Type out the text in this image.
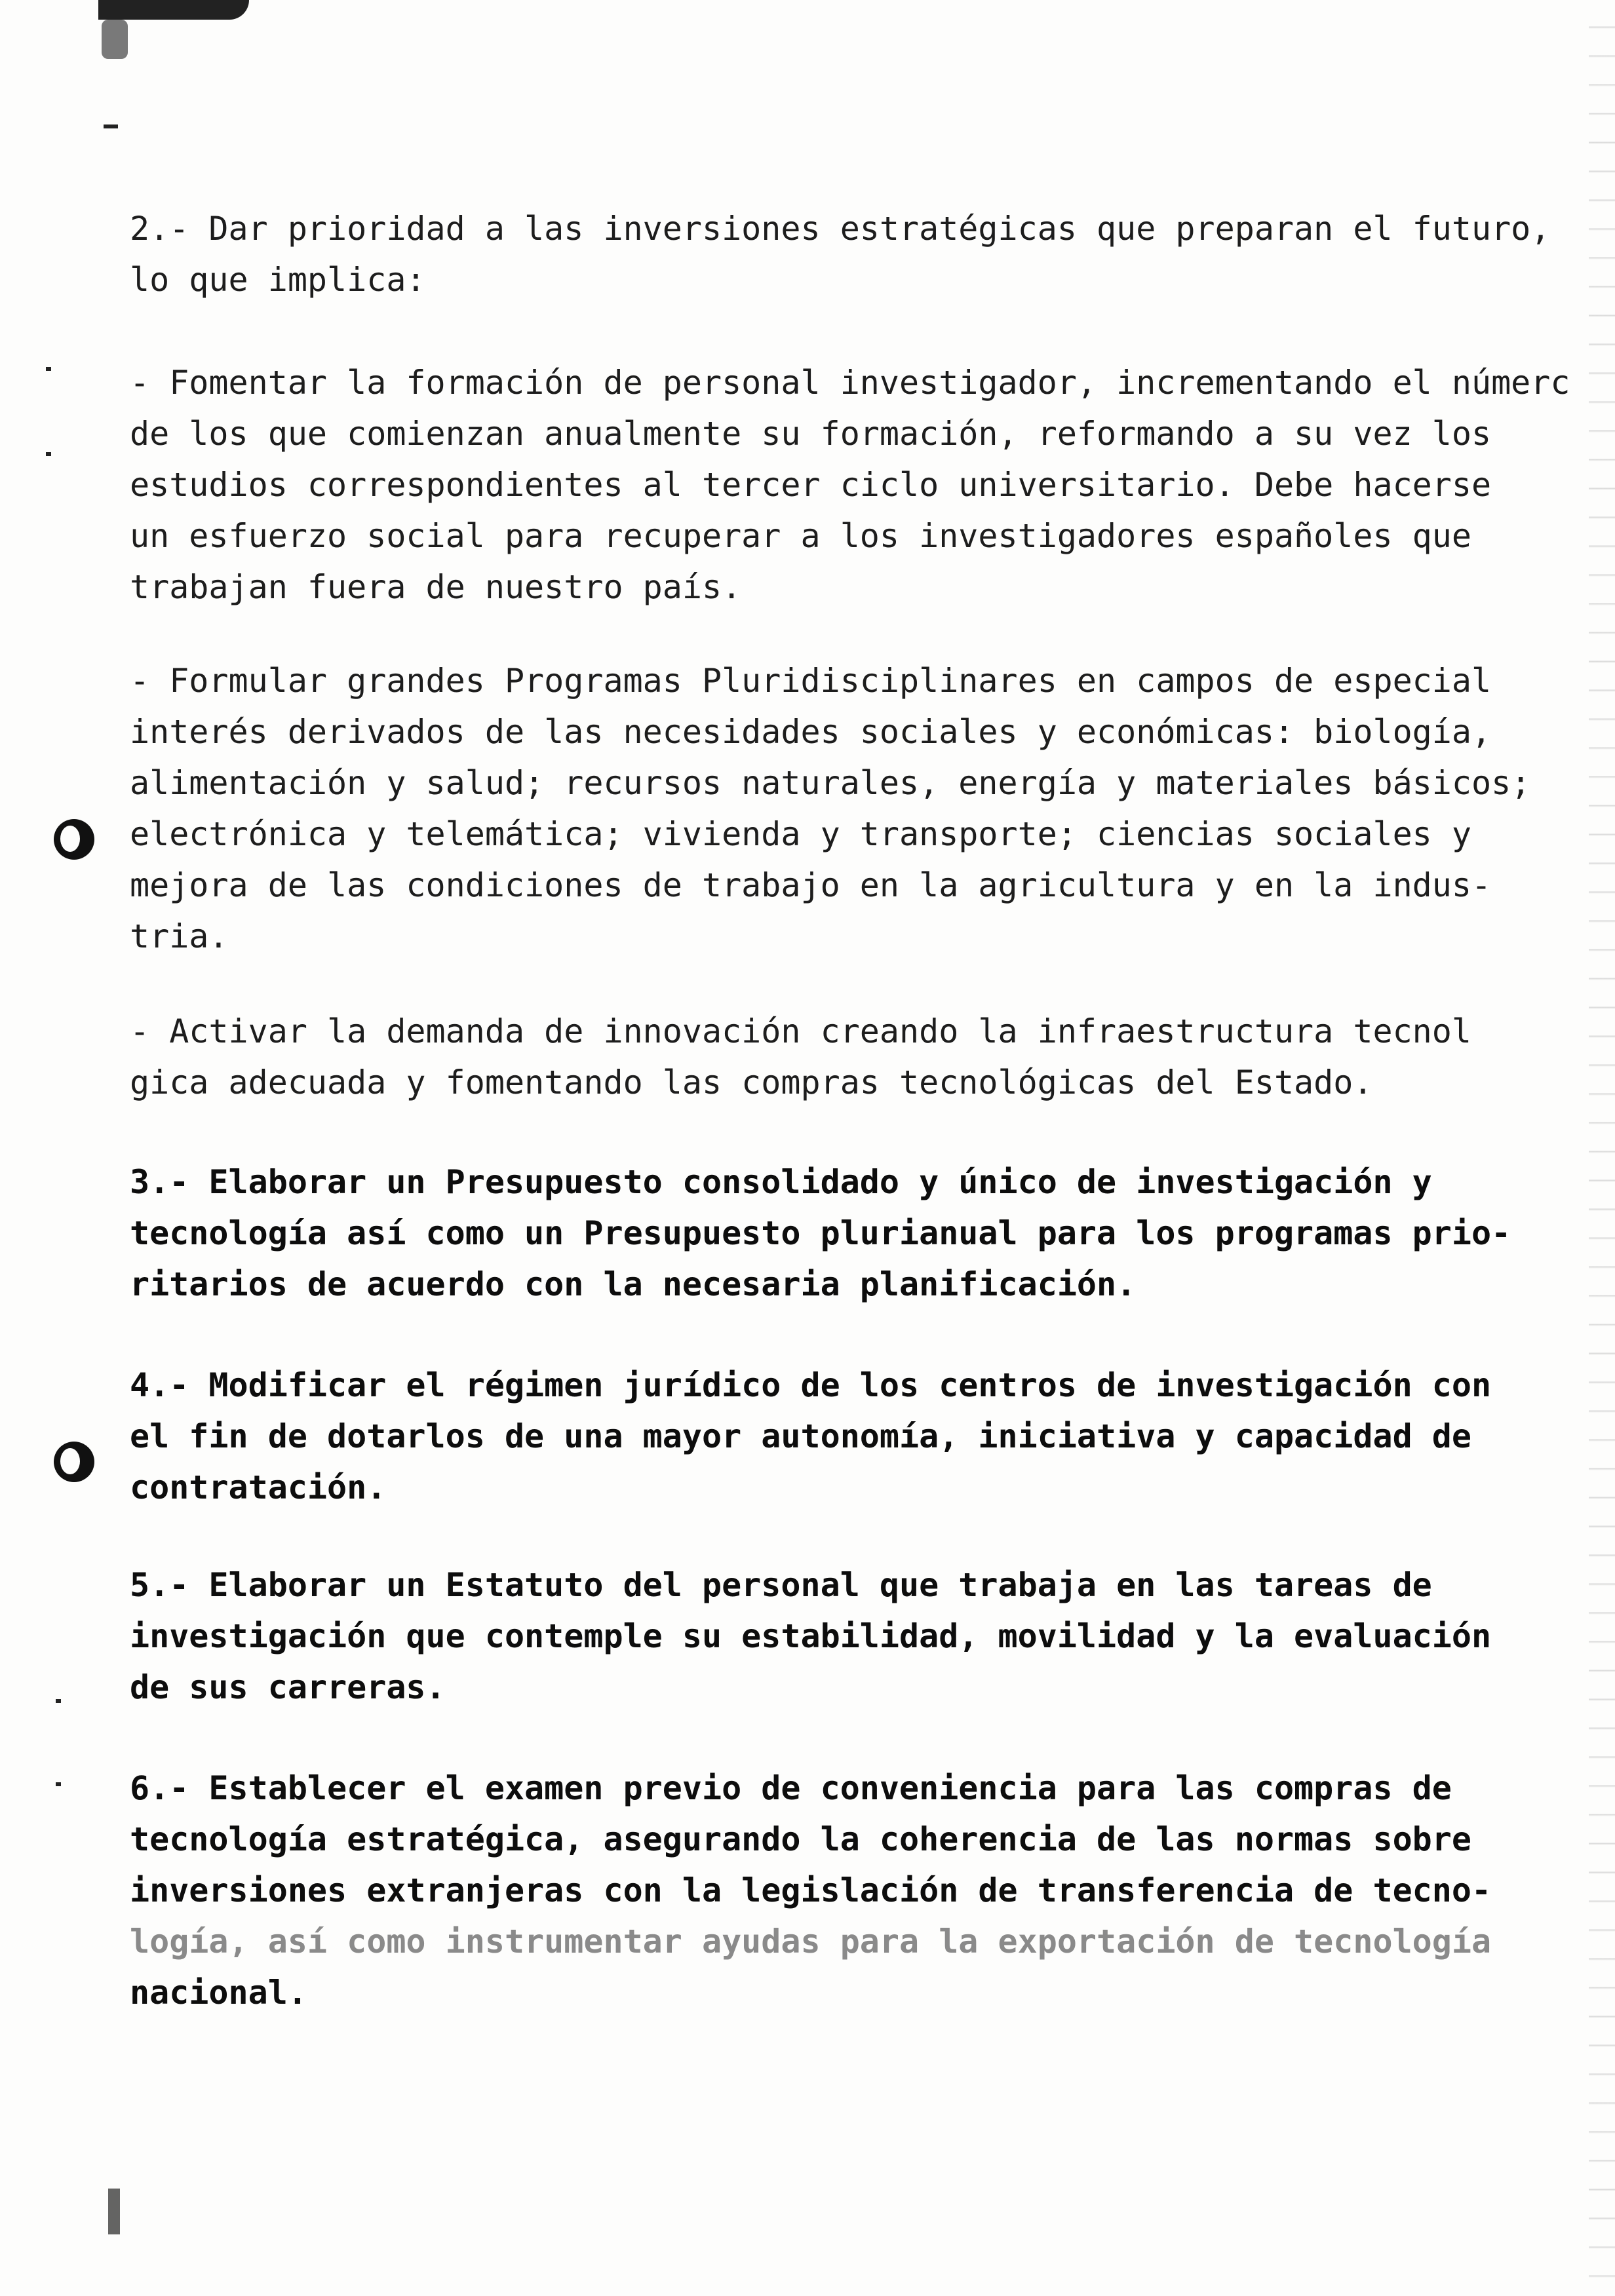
2.- Dar prioridad a las inversiones estratégicas que preparan el futuro,
lo que implica:
- Fomentar la formación de personal investigador, incrementando el númerc
de los que comienzan anualmente su formación, reformando a su vez los
estudios correspondientes al tercer ciclo universitario. Debe hacerse
un esfuerzo social para recuperar a los investigadores españoles que
trabajan fuera de nuestro país.
- Formular grandes Programas Pluridisciplinares en campos de especial
interés derivados de las necesidades sociales y económicas: biología,
alimentación y salud; recursos naturales, energía y materiales básicos;
electrónica y telemática; vivienda y transporte; ciencias sociales y
mejora de las condiciones de trabajo en la agricultura y en la indus-
tria.
- Activar la demanda de innovación creando la infraestructura tecnol
gica adecuada y fomentando las compras tecnológicas del Estado.
3.- Elaborar un Presupuesto consolidado y único de investigación y
tecnología así como un Presupuesto plurianual para los programas prio-
ritarios de acuerdo con la necesaria planificación.
4.- Modificar el régimen jurídico de los centros de investigación con
el fin de dotarlos de una mayor autonomía, iniciativa y capacidad de
contratación.
5.- Elaborar un Estatuto del personal que trabaja en las tareas de
investigación que contemple su estabilidad, movilidad y la evaluación
de sus carreras.
6.- Establecer el examen previo de conveniencia para las compras de
tecnología estratégica, asegurando la coherencia de las normas sobre
inversiones extranjeras con la legislación de transferencia de tecno-
logía, así como instrumentar ayudas para la exportación de tecnología
nacional.
